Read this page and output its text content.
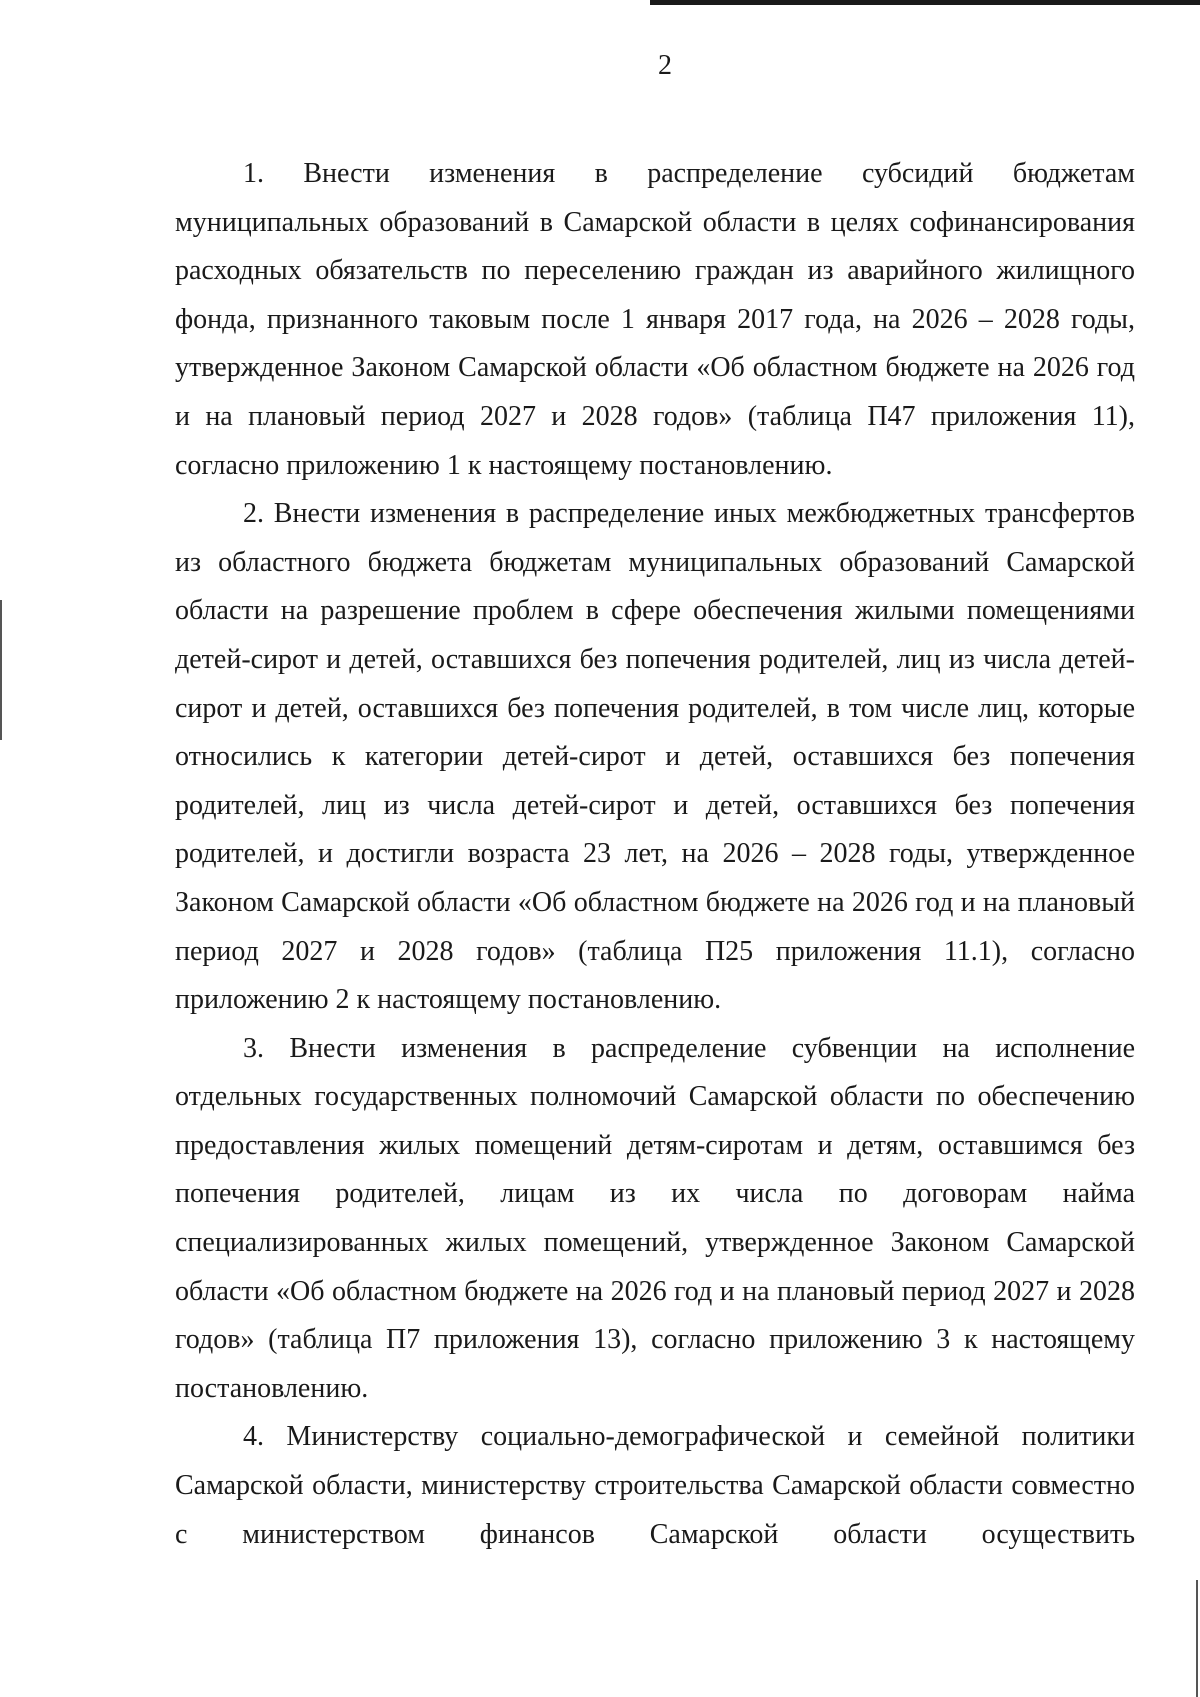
2

1. Внести изменения в распределение субсидий бюджетам муниципальных образований в Самарской области в целях софинансирования расходных обязательств по переселению граждан из аварийного жилищного фонда, признанного таковым после 1 января 2017 года, на 2026 – 2028 годы, утвержденное Законом Самарской области «Об областном бюджете на 2026 год и на плановый период 2027 и 2028 годов» (таблица П47 приложения 11), согласно приложению 1 к настоящему постановлению.

2. Внести изменения в распределение иных межбюджетных трансфертов из областного бюджета бюджетам муниципальных образований Самарской области на разрешение проблем в сфере обеспечения жилыми помещениями детей-сирот и детей, оставшихся без попечения родителей, лиц из числа детей-сирот и детей, оставшихся без попечения родителей, в том числе лиц, которые относились к категории детей-сирот и детей, оставшихся без попечения родителей, лиц из числа детей-сирот и детей, оставшихся без попечения родителей, и достигли возраста 23 лет, на 2026 – 2028 годы, утвержденное Законом Самарской области «Об областном бюджете на 2026 год и на плановый период 2027 и 2028 годов» (таблица П25 приложения 11.1), согласно приложению 2 к настоящему постановлению.

3. Внести изменения в распределение субвенции на исполнение отдельных государственных полномочий Самарской области по обеспечению предоставления жилых помещений детям-сиротам и детям, оставшимся без попечения родителей, лицам из их числа по договорам найма специализированных жилых помещений, утвержденное Законом Самарской области «Об областном бюджете на 2026 год и на плановый период 2027 и 2028 годов» (таблица П7 приложения 13), согласно приложению 3 к настоящему постановлению.

4. Министерству социально-демографической и семейной политики Самарской области, министерству строительства Самарской области совместно с министерством финансов Самарской области осуществить
